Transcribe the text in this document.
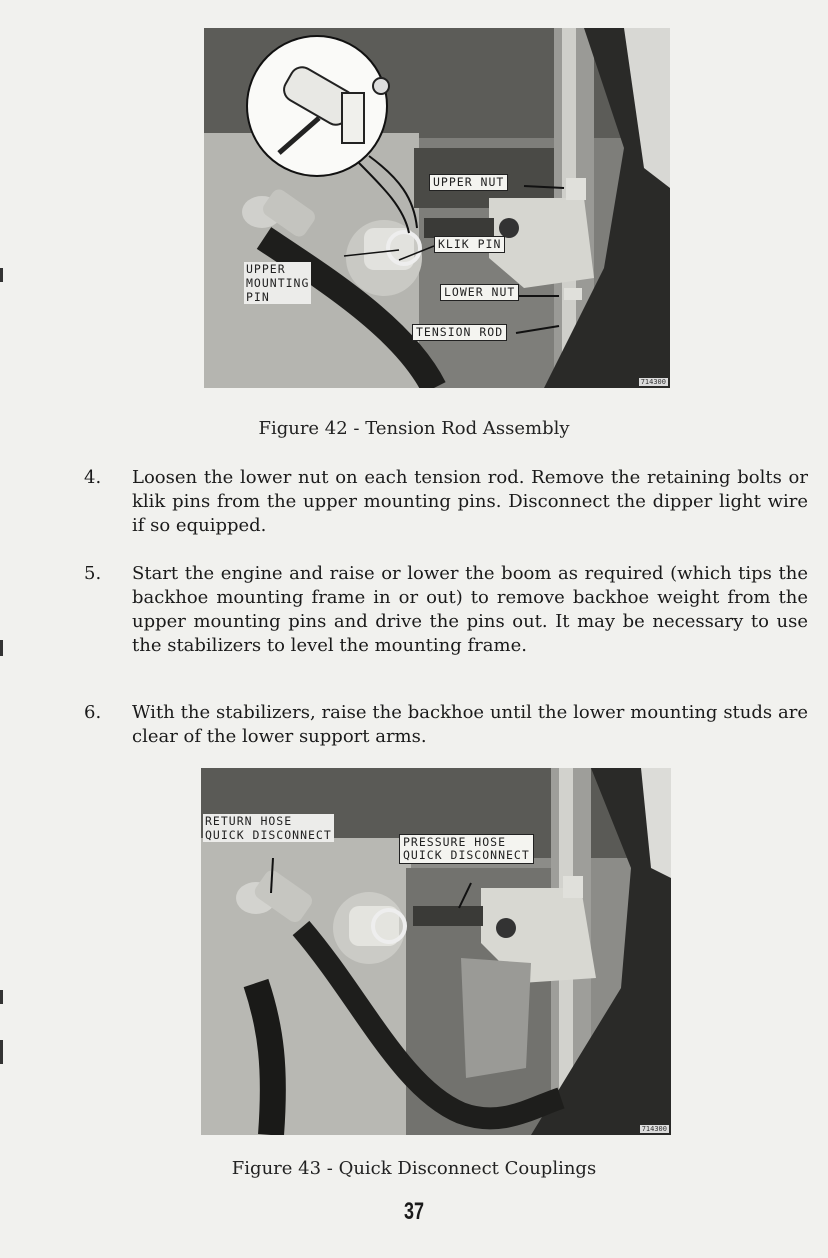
UPPER NUT
KLIK PIN
UPPER
MOUNTING
PIN	LOWER NUT
TENSION ROD
714300
Figure 42 - Tension Rod Assembly
4. Loosen the lower nut on each tension rod. Remove the retaining bolts or klik pins from the upper mounting pins. Disconnect the dipper light wire if so equipped.
5. Start the engine and raise or lower the boom as required (which tips the backhoe mounting frame in or out) to remove backhoe weight from the upper mounting pins and drive the pins out. It may be necessary to use the stabilizers to level the mounting frame.
6. With the stabilizers, raise the backhoe until the lower mounting studs are clear of the lower support arms.
RETURN HOSE
QUICK DISCONNECT	PRESSURE HOSE
QUICK DISCONNECT
714300
Figure 43 - Quick Disconnect Couplings
37
